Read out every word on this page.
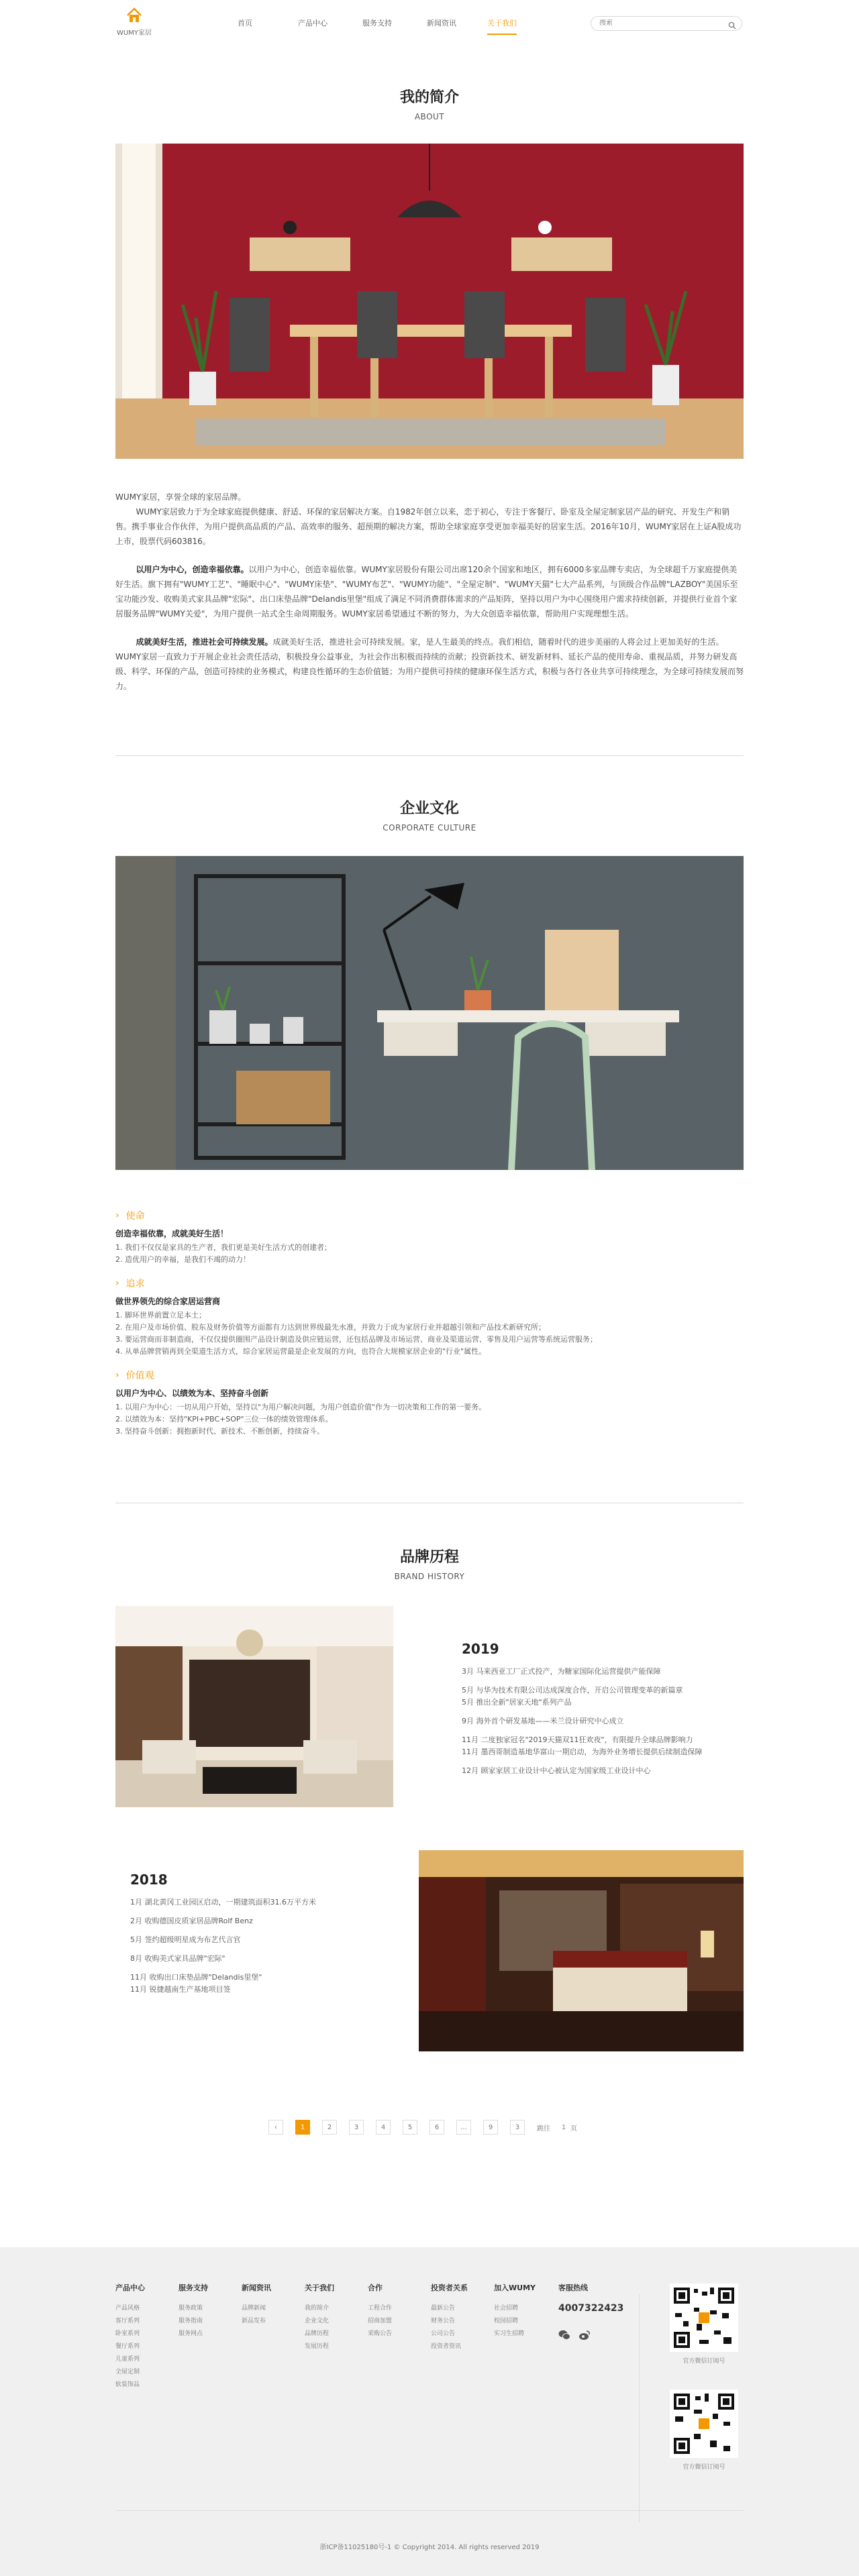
WUMY家居
首页	产品中心	服务支持	新闻资讯	关于我们
搜索
我的简介

ABOUT

WUMY家居，享誉全球的家居品牌。
WUMY家居致力于为全球家庭提供健康、舒适、环保的家居解决方案。自1982年创立以来，恋于初心，专注于客餐厅、卧室及全屋定制家居产品的研究、开发生产和销售。携手事业合作伙伴，为用户提供高品质的产品、高效率的服务、超预期的解决方案，帮助全球家庭享受更加幸福美好的居家生活。2016年10月，WUMY家居在上证A股成功上市，股票代码603816。

以用户为中心，创造幸福依靠。以用户为中心，创造幸福依靠。WUMY家居股份有限公司出席120余个国家和地区，拥有6000多家品牌专卖店，为全球超千万家庭提供美好生活。旗下拥有"WUMY工艺"、"睡眠中心"、"WUMY床垫"、"WUMY布艺"、"WUMY功能"、"全屋定制"、"WUMY天猫"七大产品系列，与顶级合作品牌"LAZBOY"美国乐至宝功能沙发、收购美式家具品牌"宏际"、出口床垫品牌"Delandis里堡"组成了满足不同消费群体需求的产品矩阵，坚持以用户为中心围绕用户需求持续创新，并提供行业首个家居服务品牌"WUMY关爱"，为用户提供一站式全生命周期服务。WUMY家居希望通过不断的努力，为大众创造幸福依靠，帮助用户实现理想生活。

成就美好生活，推进社会可持续发展。成就美好生活，推进社会可持续发展。家，是人生最美的终点。我们相信，随着时代的进步美丽的人将会过上更加美好的生活。WUMY家居一直致力于开展企业社会责任活动，积极投身公益事业，为社会作出积极而持续的贡献；投资新技术、研发新材料、延长产品的使用寿命、重视品质，并努力研发高级、科学、环保的产品，创造可持续的业务模式，构建良性循环的生态价值链；为用户提供可持续的健康环保生活方式，积极与各行各业共享可持续理念，为全球可持续发展而努力。

企业文化

CORPORATE CULTURE

› 使命
创造幸福依靠，成就美好生活！
1. 我们不仅仅是家具的生产者，我们更是美好生活方式的创建者；
2. 造优用户的幸福，是我们不竭的动力！
› 追求
做世界领先的综合家居运营商
1. 脚环世界前置立足本土；
2. 在用户及市场价值、股东及财务价值等方面都有力达到世界级最先水准，并致力于成为家居行业并超越引领和产品技术新研究所；
3. 要运营商而非制造商，不仅仅提供圈围产品设计制造及供应链运营，还包括品牌及市场运营、商业及渠道运营、零售及用户运营等系统运营服务；
4. 从单品牌营销再到全渠道生活方式，综合家居运营最是企业发展的方向，也符合大规模家居企业的"行业"属性。
› 价值观
以用户为中心、以绩效为本、坚持奋斗创新
1. 以用户为中心：一切从用户开始，坚持以"为用户解决问题，为用户创造价值"作为一切决策和工作的第一要务。
2. 以绩效为本：坚持"KPI+PBC+SOP"三位一体的绩效管理体系。
3. 坚持奋斗创新：拥抱新时代、新技术、不断创新，持续奋斗。
品牌历程

BRAND HISTORY

2019
3月 马来西亚工厂正式投产，为糖家国际化运营提供产能保障
5月 与华为技术有限公司达成深度合作，开启公司管理变革的新篇章
5月 推出全新"居家天地"系列产品
9月 海外首个研发基地——米兰设计研究中心成立
11月 二度独家冠名"2019天猫双11狂欢夜"，有限提升全球品牌影响力
11月 墨西哥制造基地华富山一期启动，为海外业务增长提供后续制造保障
12月 顾家家居工业设计中心被认定为国家级工业设计中心
2018
1月 湖北黄冈工业园区启动，一期建筑面积31.6万平方米
2月 收购德国皮质家居品牌Rolf Benz
5月 签约超级明星成为布艺代言官
8月 收购美式家具品牌"宏际"
11月 收购出口床垫品牌"Delandis里堡"
11月 锐捷越南生产基地项目签
‹	1	2	3	4	5	6	...	9	3	跳往
1	页
产品中心
产品风格
客厅系列
卧室系列
餐厅系列
儿童系列
全屋定制
软装饰品
服务支持
服务政策
服务指南
服务网点
新闻资讯
品牌新闻
新品发布
关于我们
我的简介
企业文化
品牌历程
发展历程
合作
工程合作
招商加盟
采购公告
投资者关系
最新公告
财务公告
公司公告
投资者资讯
加入WUMY
社会招聘
校园招聘
实习生招聘
客服热线
4007322423
官方微信订阅号
官方微信订阅号
浙ICP备11025180号-1 © Copyright 2014. All rights reserved 2019
